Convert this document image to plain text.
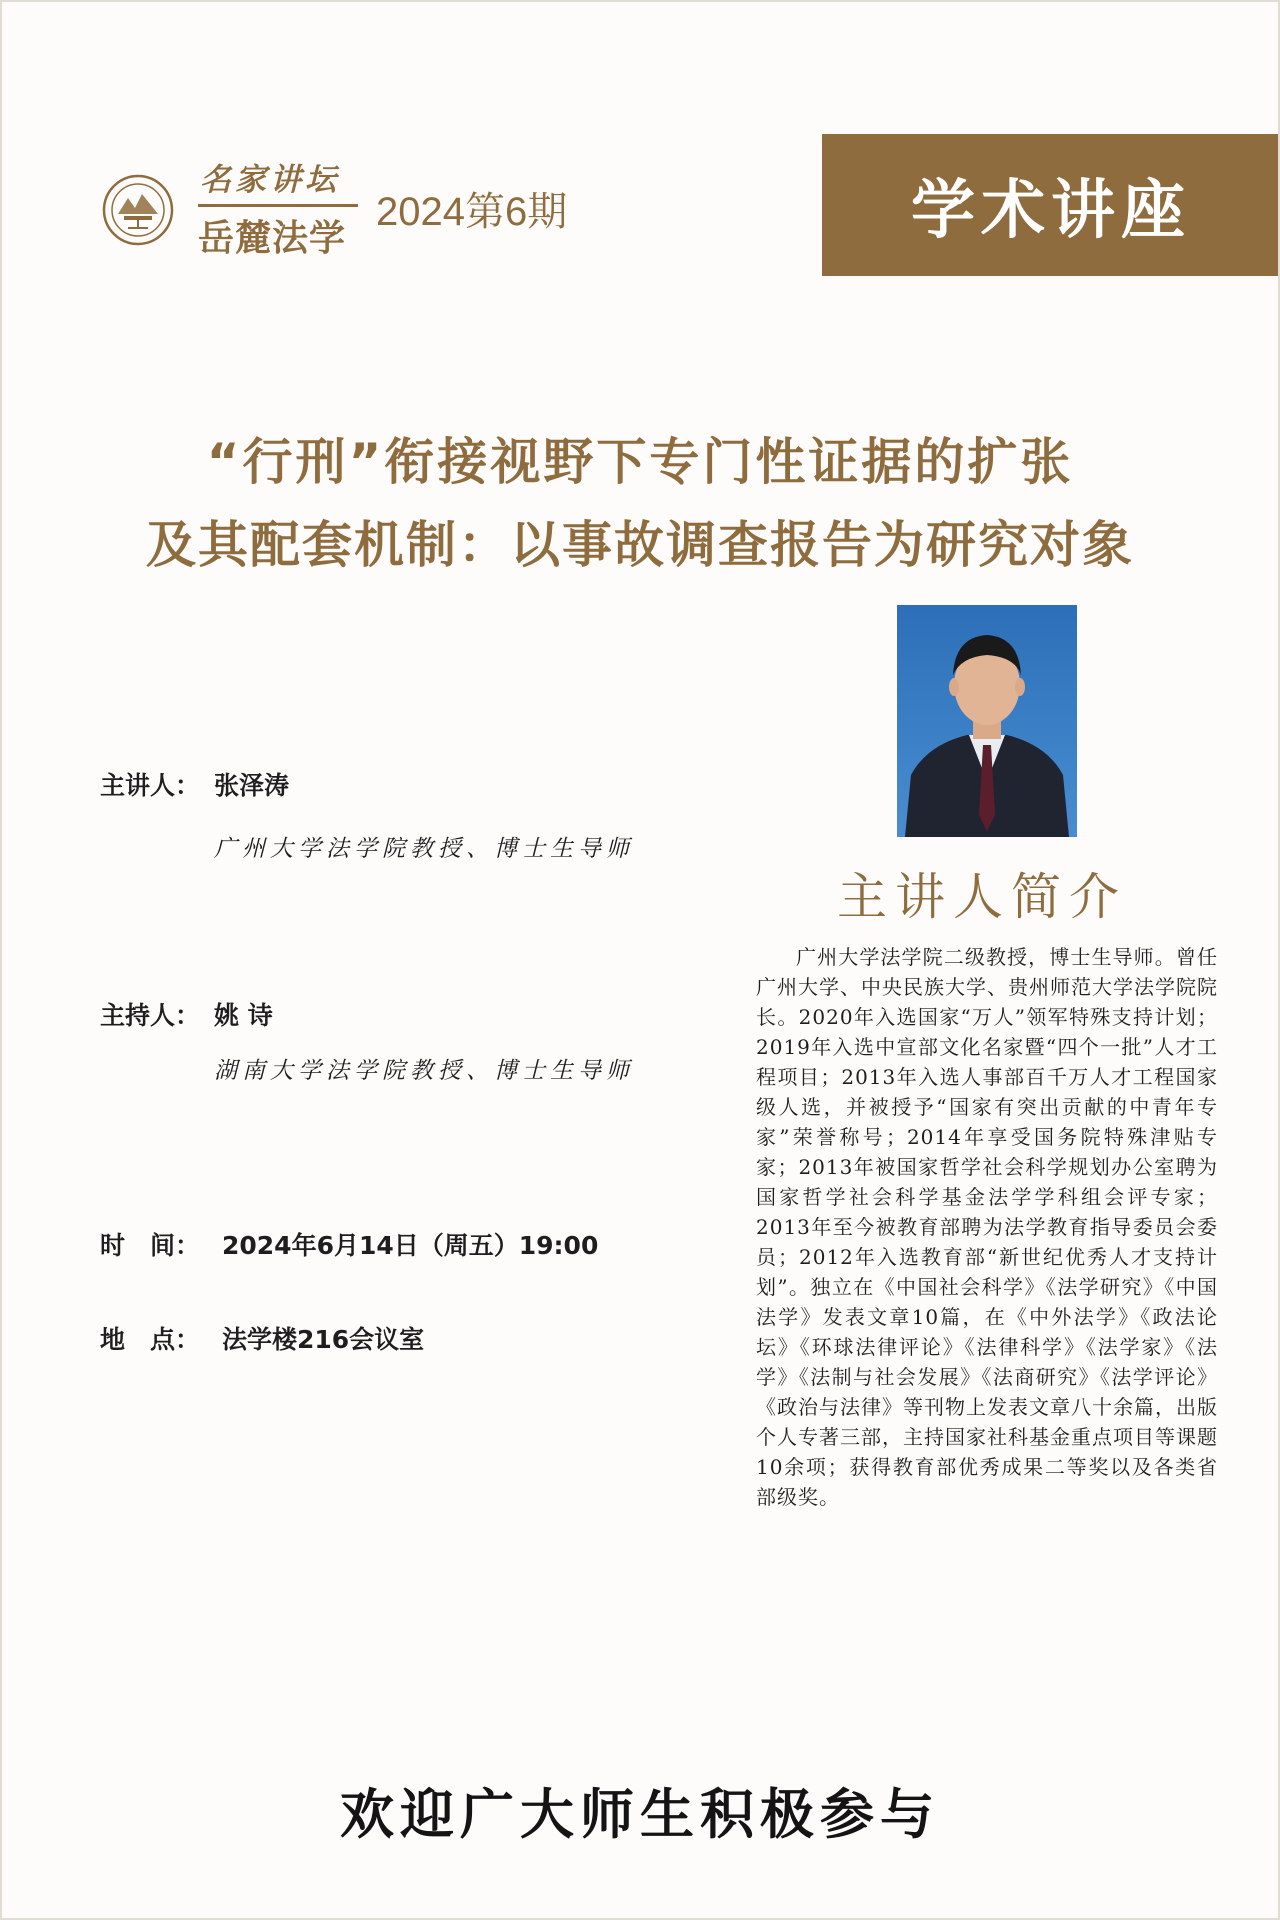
名家讲坛
岳麓法学
2024第6期	学术讲座
“行刑”衔接视野下专门性证据的扩张
及其配套机制：以事故调查报告为研究对象
主讲人： 张泽涛
广州大学法学院教授、博士生导师
主持人： 姚 诗
湖南大学法学院教授、博士生导师
时　间： 2024年6月14日（周五）19:00
地　点： 法学楼216会议室
主讲人简介
广州大学法学院二级教授，博士生导师。曾任广州大学、中央民族大学、贵州师范大学法学院院长。2020年入选国家“万人”领军特殊支持计划；2019年入选中宣部文化名家暨“四个一批”人才工程项目；2013年入选人事部百千万人才工程国家级人选，并被授予“国家有突出贡献的中青年专家”荣誉称号；2014年享受国务院特殊津贴专家；2013年被国家哲学社会科学规划办公室聘为国家哲学社会科学基金法学学科组会评专家；2013年至今被教育部聘为法学教育指导委员会委员；2012年入选教育部“新世纪优秀人才支持计划”。独立在《中国社会科学》《法学研究》《中国法学》发表文章10篇，在《中外法学》《政法论坛》《环球法律评论》《法律科学》《法学家》《法学》《法制与社会发展》《法商研究》《法学评论》《政治与法律》等刊物上发表文章八十余篇，出版个人专著三部，主持国家社科基金重点项目等课题10余项；获得教育部优秀成果二等奖以及各类省部级奖。
欢迎广大师生积极参与
